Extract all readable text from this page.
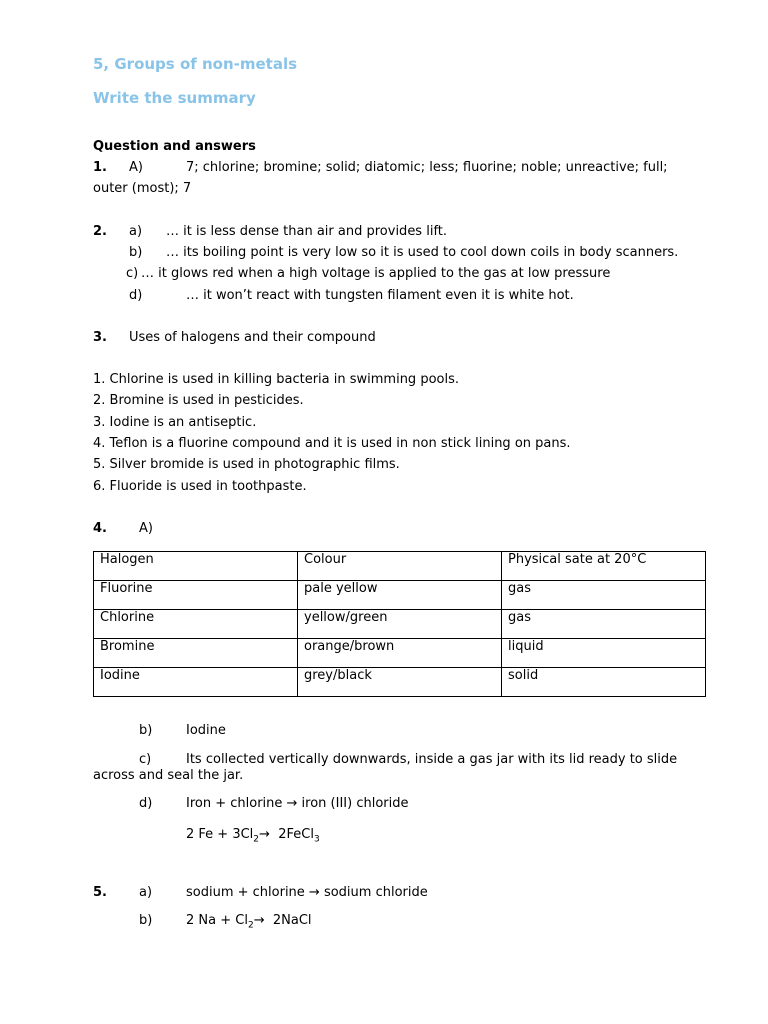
5, Groups of non-metals
Write the summary
Question and answers
1. A)	7; chlorine; bromine; solid; diatomic; less; fluorine; noble; unreactive; full;
outer (most); 7
2. a) … it is less dense than air and provides lift.
b) … its boiling point is very low so it is used to cool down coils in body scanners.
c) … it glows red when a high voltage is applied to the gas at low pressure
d)	… it won’t react with tungsten filament even it is white hot.
3. Uses of halogens and their compound
1. Chlorine is used in killing bacteria in swimming pools.
2. Bromine is used in pesticides.
3. Iodine is an antiseptic.
4. Teflon is a fluorine compound and it is used in non stick lining on pans.
5. Silver bromide is used in photographic films.
6. Fluoride is used in toothpaste.
4. A)
Halogen	Colour	Physical sate at 20°C
Fluorine	pale yellow	gas
Chlorine	yellow/green	gas
Bromine	orange/brown	liquid
Iodine	grey/black	solid
b)	Iodine
c)	Its collected vertically downwards, inside a gas jar with its lid ready to slide
across and seal the jar.
d)	Iron + chlorine → iron (III) chloride
2 $Fe + 3Cl_2\to$ 2FeCl$_3$
5. a)	sodium + chlorine → sodium chloride
b)	2 $Na + Cl_2\to$ 2NaCl
